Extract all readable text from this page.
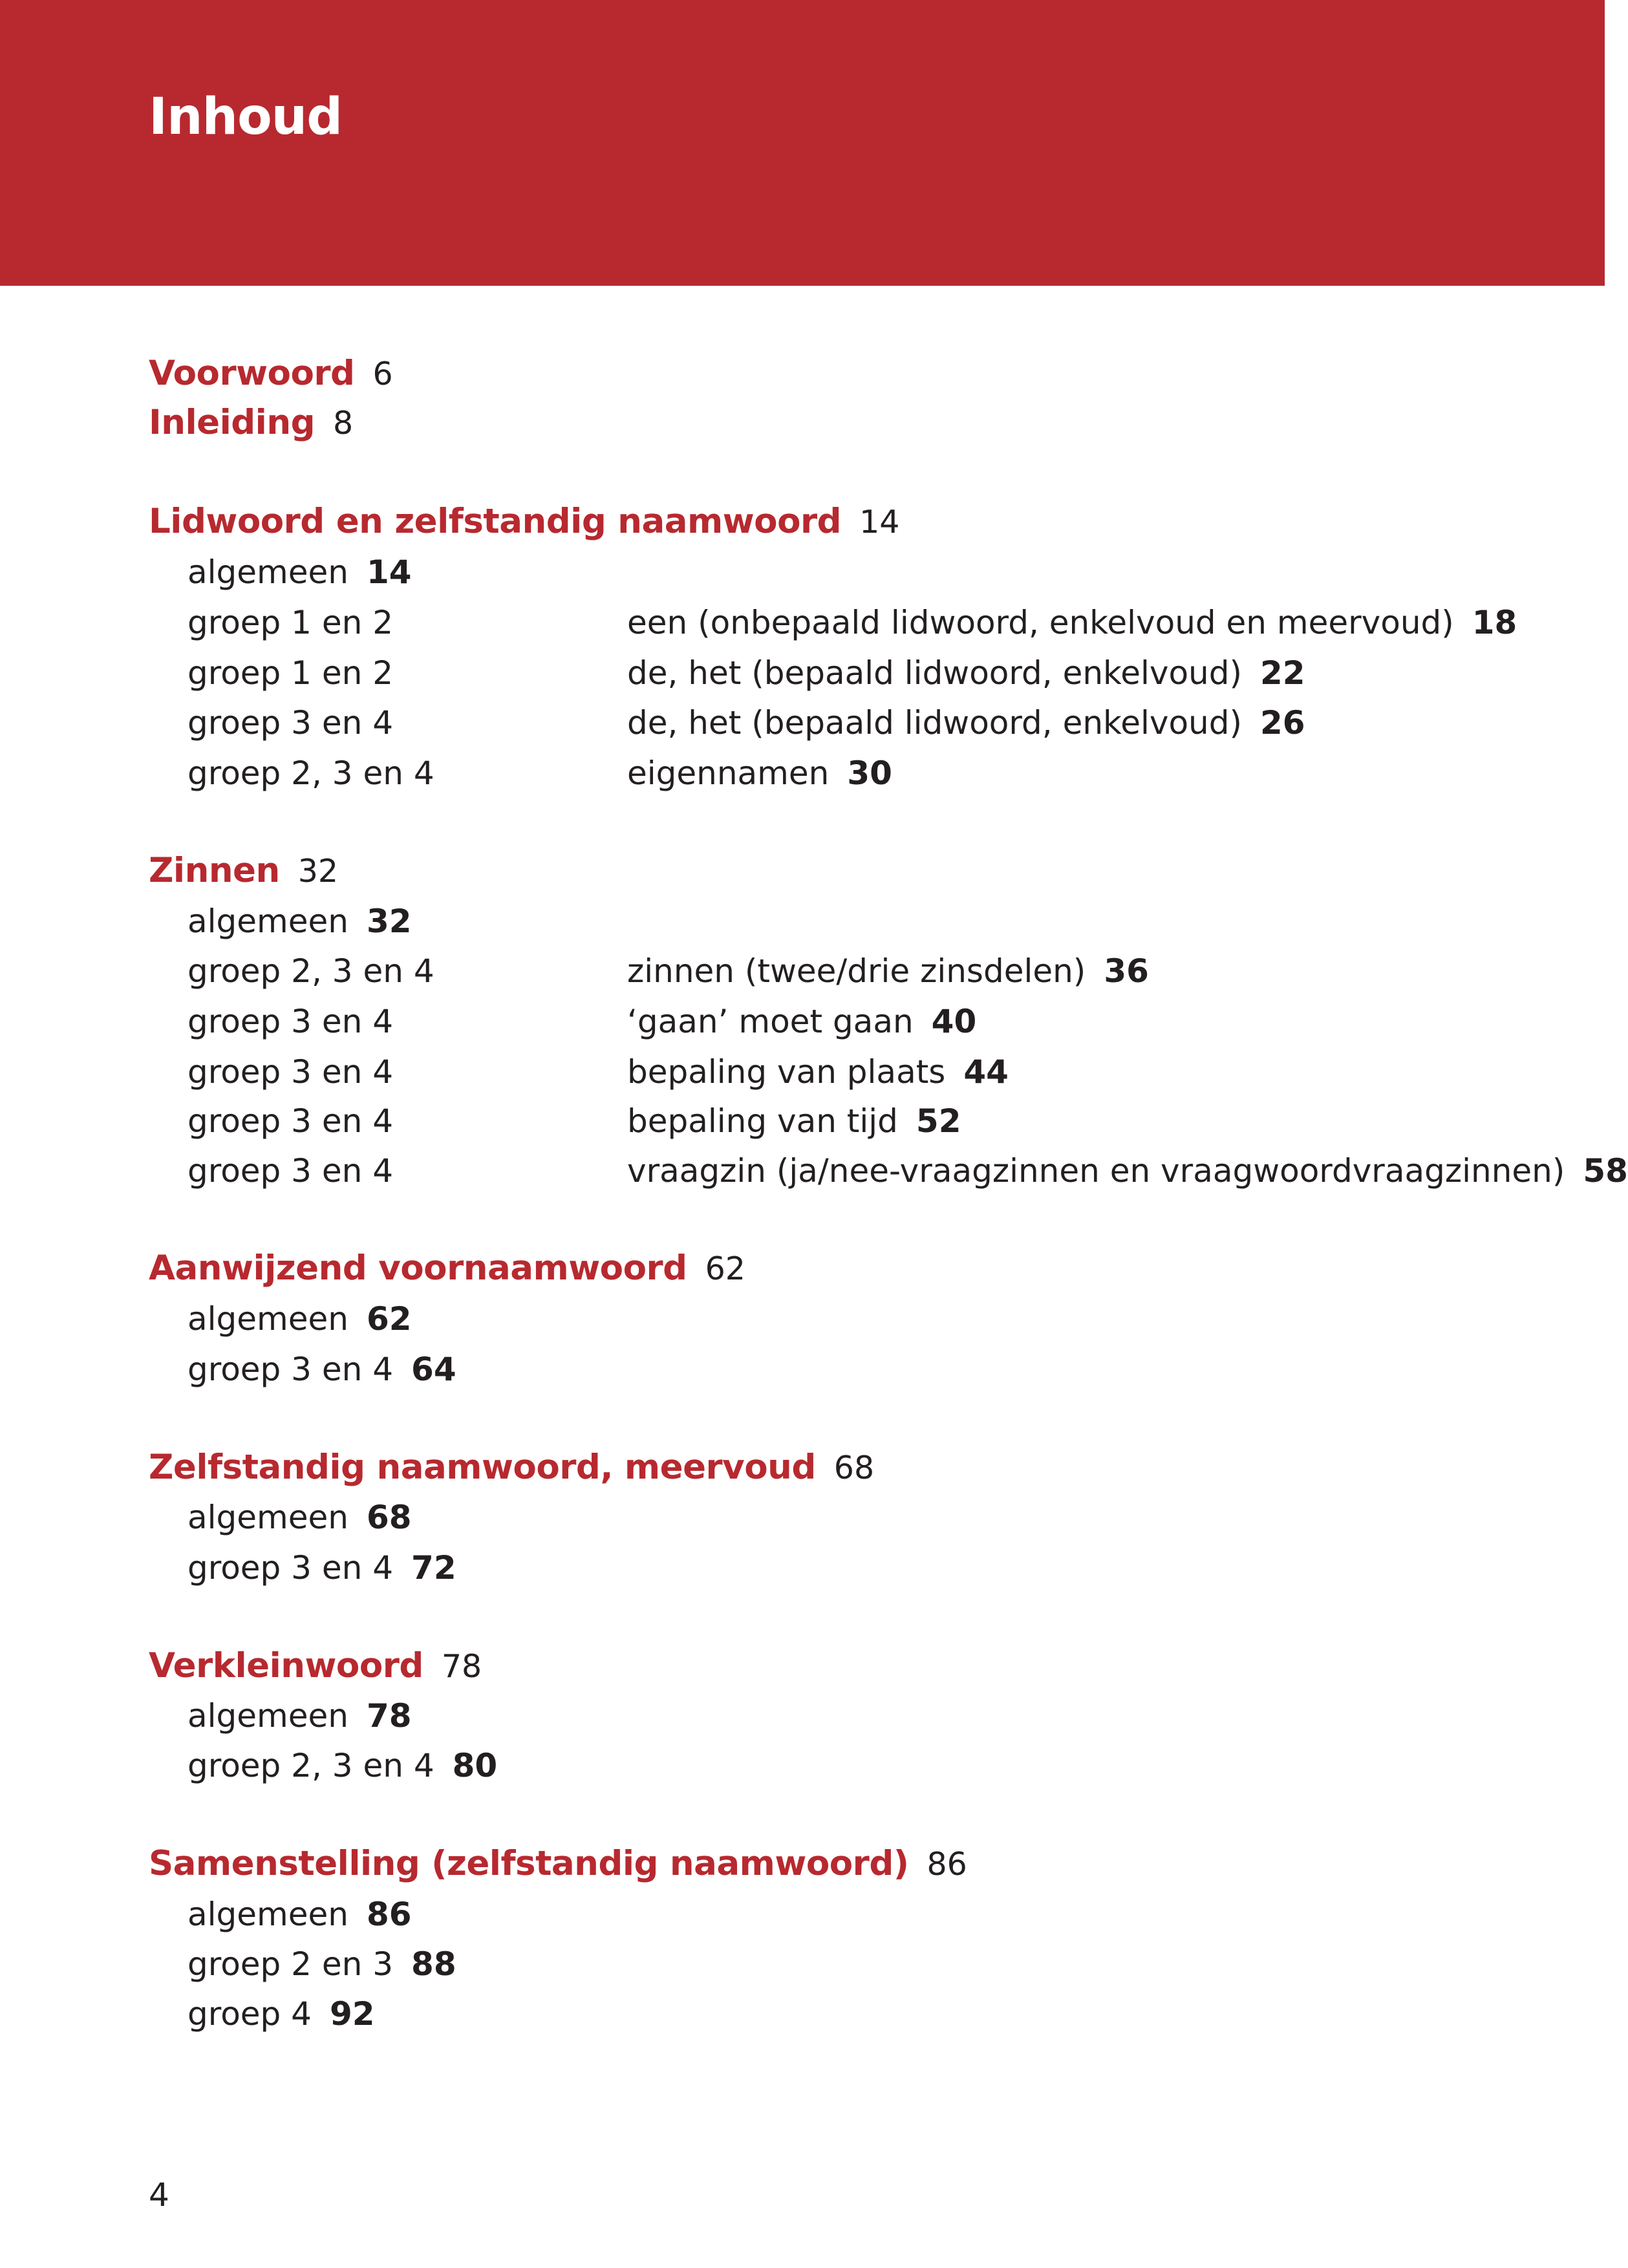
Inhoud
Voorwoord 6
Inleiding 8
Lidwoord en zelfstandig naamwoord 14
algemeen 14
groep 1 en 2	een (onbepaald lidwoord, enkelvoud en meervoud) 18
groep 1 en 2	de, het (bepaald lidwoord, enkelvoud) 22
groep 3 en 4	de, het (bepaald lidwoord, enkelvoud) 26
groep 2, 3 en 4	eigennamen 30
Zinnen 32
algemeen 32
groep 2, 3 en 4	zinnen (twee/drie zinsdelen) 36
groep 3 en 4	‘gaan’ moet gaan 40
groep 3 en 4	bepaling van plaats 44
groep 3 en 4	bepaling van tijd 52
groep 3 en 4	vraagzin (ja/nee-vraagzinnen en vraagwoordvraagzinnen) 58
Aanwijzend voornaamwoord 62
algemeen 62
groep 3 en 4 64
Zelfstandig naamwoord, meervoud 68
algemeen 68
groep 3 en 4 72
Verkleinwoord 78
algemeen 78
groep 2, 3 en 4 80
Samenstelling (zelfstandig naamwoord) 86
algemeen 86
groep 2 en 3 88
groep 4 92
4
